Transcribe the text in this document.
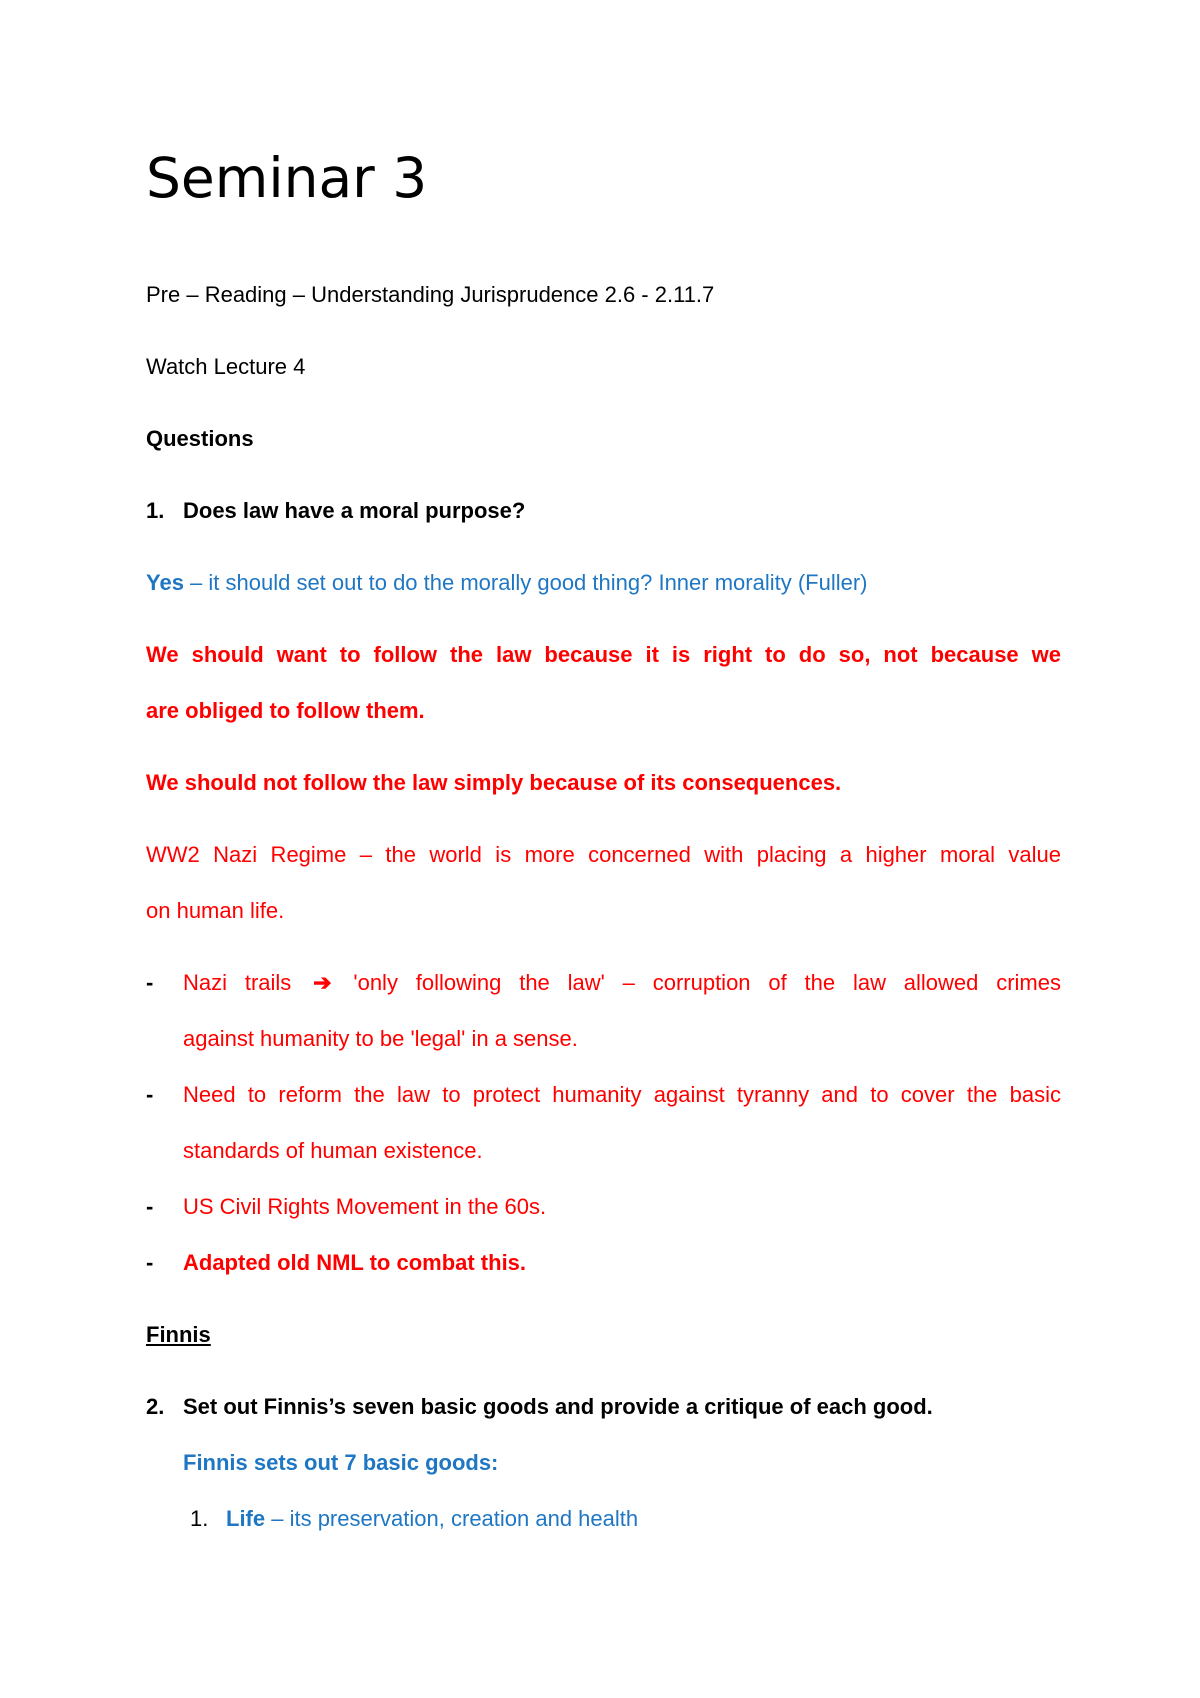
Seminar 3
Pre – Reading – Understanding Jurisprudence 2.6 - 2.11.7
Watch Lecture 4
Questions
1. Does law have a moral purpose?
Yes – it should set out to do the morally good thing? Inner morality (Fuller)
We should want to follow the law because it is right to do so, not because we
are obliged to follow them.
We should not follow the law simply because of its consequences.
WW2 Nazi Regime – the world is more concerned with placing a higher moral value
on human life.
- Nazi trails ➔ 'only following the law' – corruption of the law allowed crimes
against humanity to be 'legal' in a sense.
- Need to reform the law to protect humanity against tyranny and to cover the basic
standards of human existence.
- US Civil Rights Movement in the 60s.
- Adapted old NML to combat this.
Finnis
2. Set out Finnis’s seven basic goods and provide a critique of each good.
Finnis sets out 7 basic goods:
1. Life – its preservation, creation and health
